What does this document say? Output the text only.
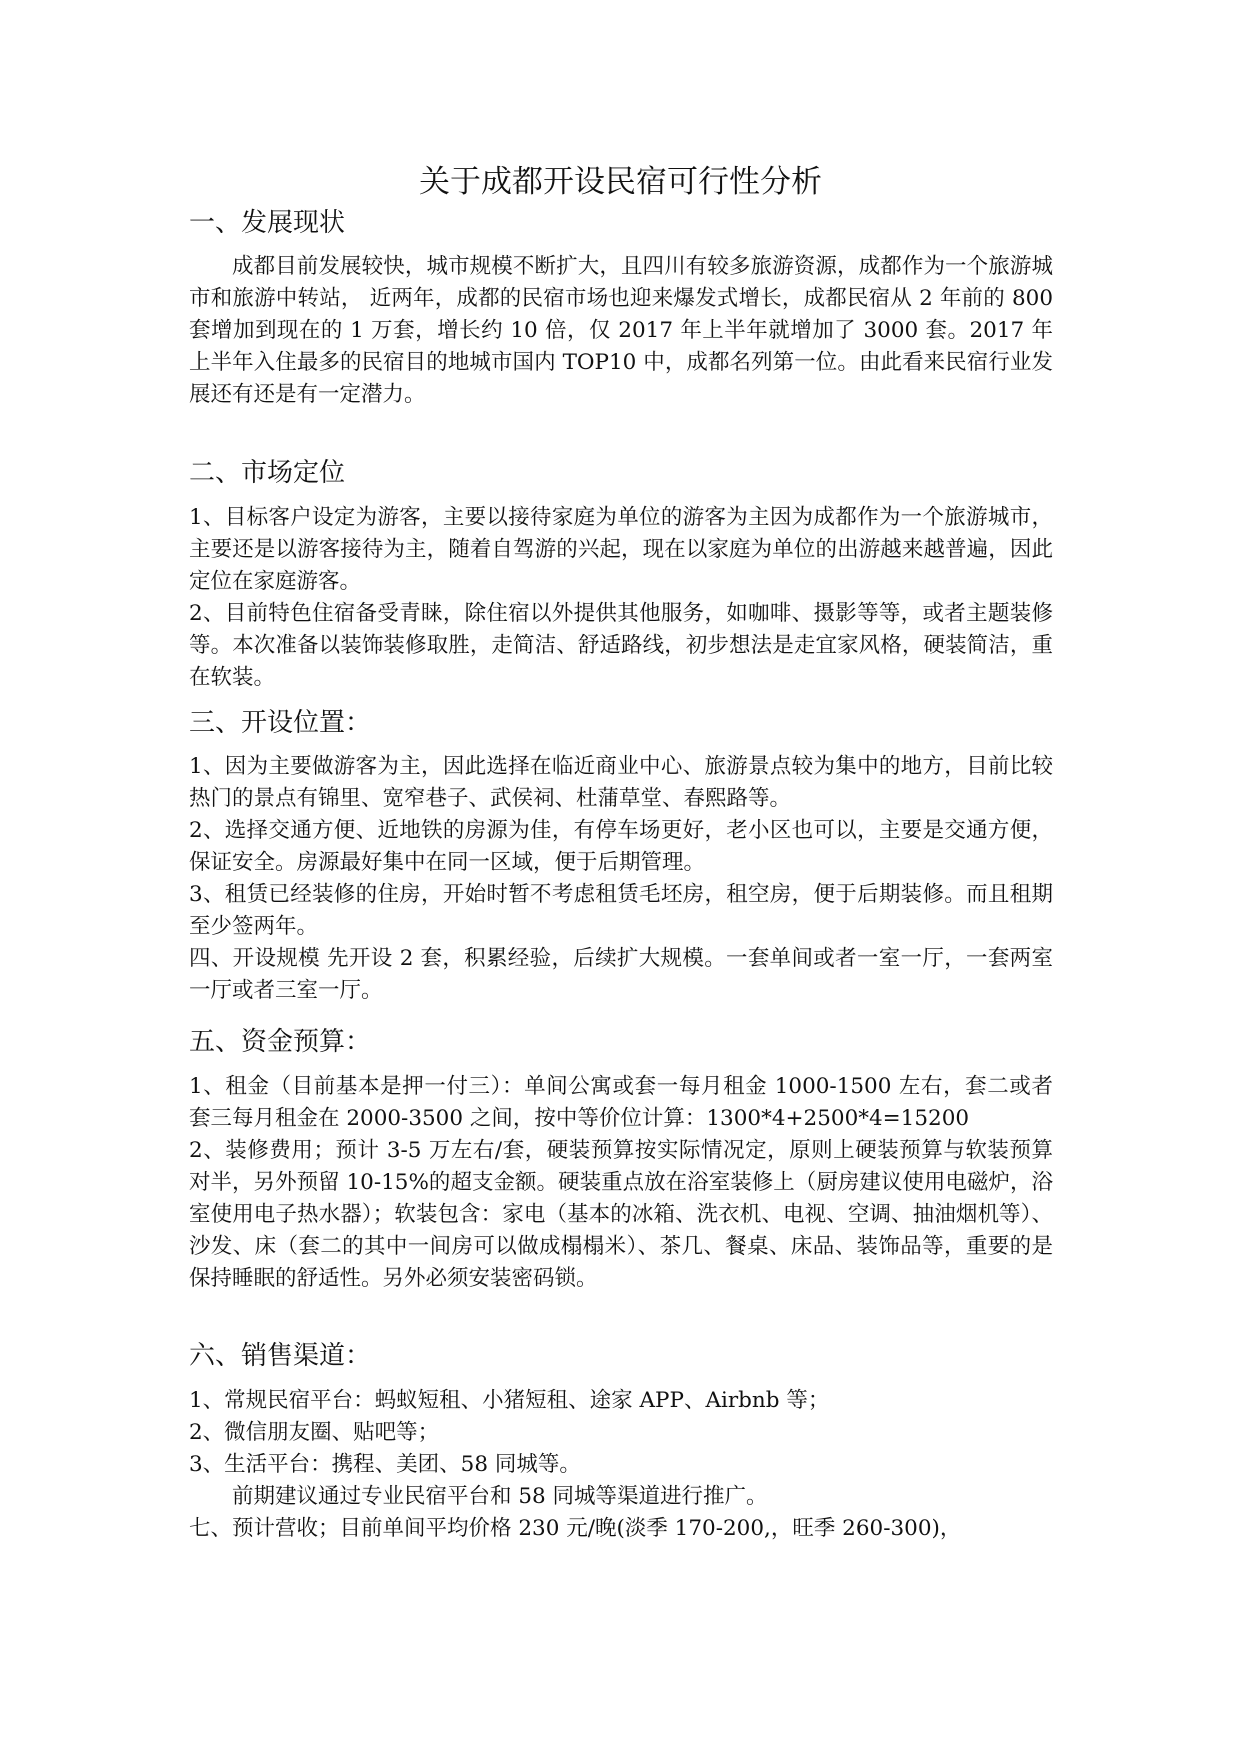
关于成都开设民宿可行性分析
一、发展现状

成都目前发展较快，城市规模不断扩大，且四川有较多旅游资源，成都作为一个旅游城市和旅游中转站， 近两年，成都的民宿市场也迎来爆发式增长，成都民宿从 2 年前的 800 套增加到现在的 1 万套，增长约 10 倍，仅 2017 年上半年就增加了 3000 套。2017 年上半年入住最多的民宿目的地城市国内 TOP10 中，成都名列第一位。由此看来民宿行业发展还有还是有一定潜力。

二、市场定位

1、目标客户设定为游客，主要以接待家庭为单位的游客为主因为成都作为一个旅游城市，主要还是以游客接待为主，随着自驾游的兴起，现在以家庭为单位的出游越来越普遍，因此定位在家庭游客。

2、目前特色住宿备受青睐，除住宿以外提供其他服务，如咖啡、摄影等等，或者主题装修等。本次准备以装饰装修取胜，走简洁、舒适路线，初步想法是走宜家风格，硬装简洁，重在软装。

三、开设位置：

1、因为主要做游客为主，因此选择在临近商业中心、旅游景点较为集中的地方，目前比较热门的景点有锦里、宽窄巷子、武侯祠、杜蒲草堂、春熙路等。

2、选择交通方便、近地铁的房源为佳，有停车场更好，老小区也可以，主要是交通方便，保证安全。房源最好集中在同一区域，便于后期管理。

3、租赁已经装修的住房，开始时暂不考虑租赁毛坯房，租空房，便于后期装修。而且租期至少签两年。

四、开设规模 先开设 2 套，积累经验，后续扩大规模。一套单间或者一室一厅，一套两室一厅或者三室一厅。

五、资金预算：

1、租金（目前基本是押一付三）：单间公寓或套一每月租金 1000-1500 左右，套二或者套三每月租金在 2000-3500 之间，按中等价位计算：1300*4+2500*4=15200

2、装修费用；预计 3-5 万左右/套，硬装预算按实际情况定，原则上硬装预算与软装预算对半，另外预留 10-15%的超支金额。硬装重点放在浴室装修上（厨房建议使用电磁炉，浴室使用电子热水器）；软装包含：家电（基本的冰箱、洗衣机、电视、空调、抽油烟机等）、沙发、床（套二的其中一间房可以做成榻榻米）、茶几、餐桌、床品、装饰品等，重要的是保持睡眠的舒适性。另外必须安装密码锁。

六、销售渠道：

1、常规民宿平台：蚂蚁短租、小猪短租、途家 APP、Airbnb 等；

2、微信朋友圈、贴吧等；

3、生活平台：携程、美团、58 同城等。

前期建议通过专业民宿平台和 58 同城等渠道进行推广。

七、预计营收；目前单间平均价格 230 元/晚(淡季 170-200,，旺季 260-300)，
